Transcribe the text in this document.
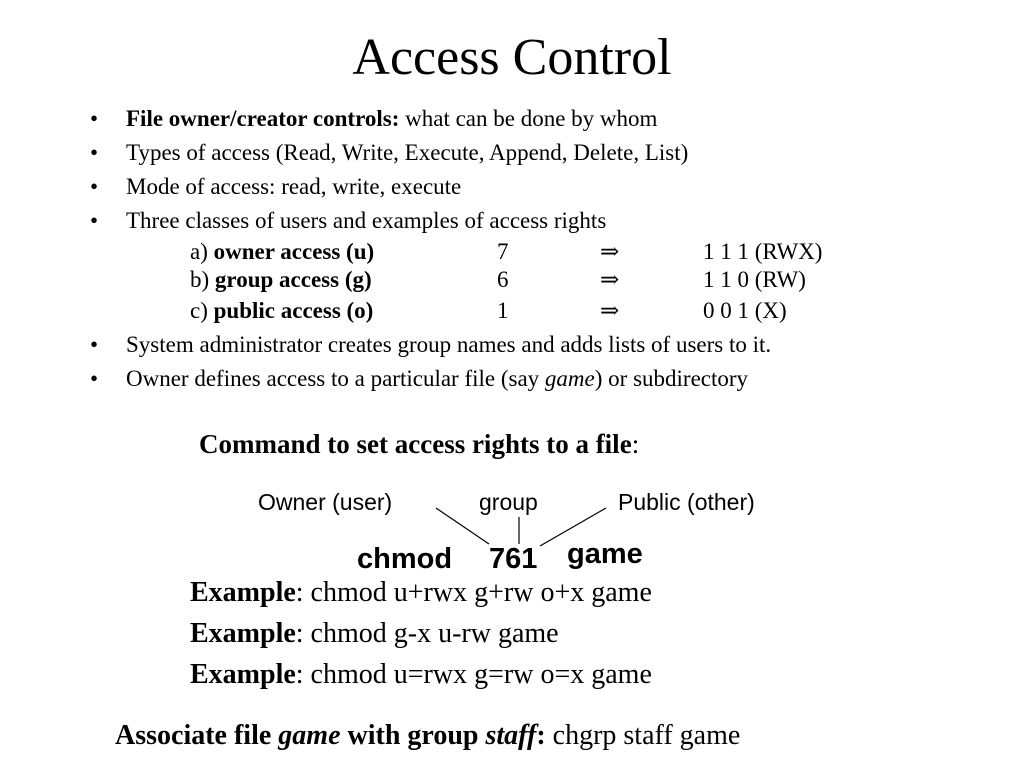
Access Control
•	File owner/creator controls: what can be done by whom
•	Types of access (Read, Write, Execute, Append, Delete, List)
•	Mode of access: read, write, execute
•	Three classes of users and examples of access rights
•	System administrator creates group names and adds lists of users to it.
•	Owner defines access to a particular file (say game) or subdirectory
a) owner access (u)	7	⇒	1 1 1 (RWX)
b) group access (g)	6	⇒	1 1 0 (RW)
c) public access (o)	1	⇒	0 0 1 (X)
Command to set access rights to a file:
Owner (user)	group	Public (other)
chmod 761 game
Example: chmod u+rwx g+rw o+x game
Example: chmod g-x u-rw game
Example: chmod u=rwx g=rw o=x game
Associate file game with group staff: chgrp staff game
